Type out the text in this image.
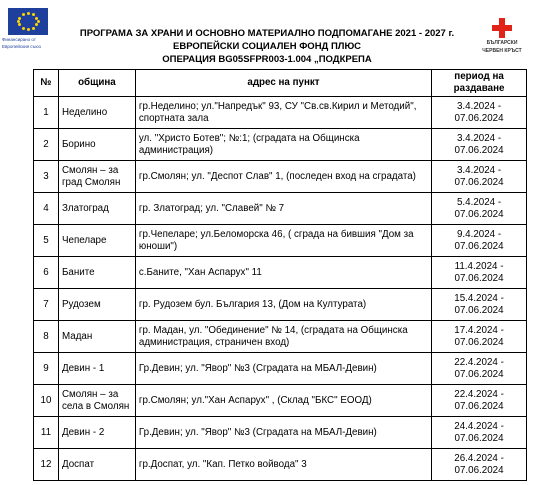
Финансирано от
Европейския съюз
БЪЛГАРСКИ
ЧЕРВЕН КРЪСТ
ПРОГРАМА ЗА ХРАНИ И ОСНОВНО МАТЕРИАЛНО ПОДПОМАГАНЕ 2021 - 2027 г.
ЕВРОПЕЙСКИ СОЦИАЛЕН ФОНД ПЛЮС
ОПЕРАЦИЯ BG05SFPR003-1.004 „ПОДКРЕПА
№	община	адрес на пункт	период на раздаване
1	Неделино	гр.Неделино; ул."Напредък" 93, СУ "Св.св.Кирил и Методий", спортната зала	3.4.2024 -
07.06.2024

2	Борино	ул. "Христо Ботев"; №:1; (сградата на Общинска администрация)	3.4.2024 -
07.06.2024

3	Смолян – за град Смолян	гр.Смолян; ул. "Деспот Слав" 1, (последен вход на сградата)	3.4.2024 -
07.06.2024

4	Златоград	гр. Златоград; ул. "Славей" № 7	5.4.2024 -
07.06.2024

5	Чепеларе	гр.Чепеларе; ул.Беломорска 46, ( сграда на бившия "Дом за юноши")	9.4.2024 -
07.06.2024

6	Баните	с.Баните, "Хан Аспарух" 11	11.4.2024 -
07.06.2024

7	Рудозем	гр. Рудозем бул. България 13, (Дом на Културата)	15.4.2024 -
07.06.2024

8	Мадан	гр. Мадан, ул. "Обединение" № 14, (сградата на Общинска администрация, страничен вход)	17.4.2024 -
07.06.2024

9	Девин - 1	Гр.Девин; ул. "Явор" №3 (Сградата на МБАЛ-Девин)	22.4.2024 -
07.06.2024

10	Смолян – за села в Смолян	гр.Смолян; ул."Хан Аспарух" , (Склад "БКС" ЕООД)	22.4.2024 -
07.06.2024

11	Девин - 2	Гр.Девин; ул. "Явор" №3 (Сградата на МБАЛ-Девин)	24.4.2024 -
07.06.2024

12	Доспат	гр.Доспат, ул. "Кап. Петко войвода" 3	26.4.2024 -
07.06.2024
